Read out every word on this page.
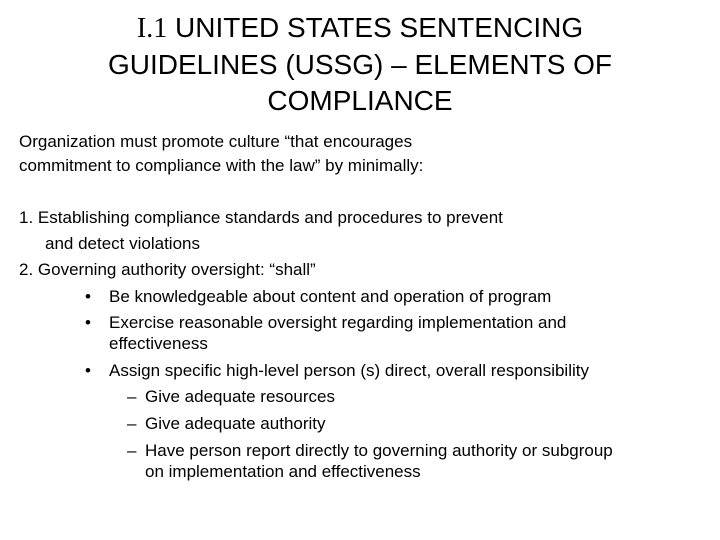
I.1 UNITED STATES SENTENCING
GUIDELINES (USSG) – ELEMENTS OF
COMPLIANCE
Organization must promote culture “that encourages
commitment to compliance with the law” by minimally:
1. Establishing compliance standards and procedures to prevent
and detect violations
2. Governing authority oversight: “shall”
• Be knowledgeable about content and operation of program
• Exercise reasonable oversight regarding implementation and
effectiveness
• Assign specific high-level person (s) direct, overall responsibility
– Give adequate resources
– Give adequate authority
– Have person report directly to governing authority or subgroup
on implementation and effectiveness
